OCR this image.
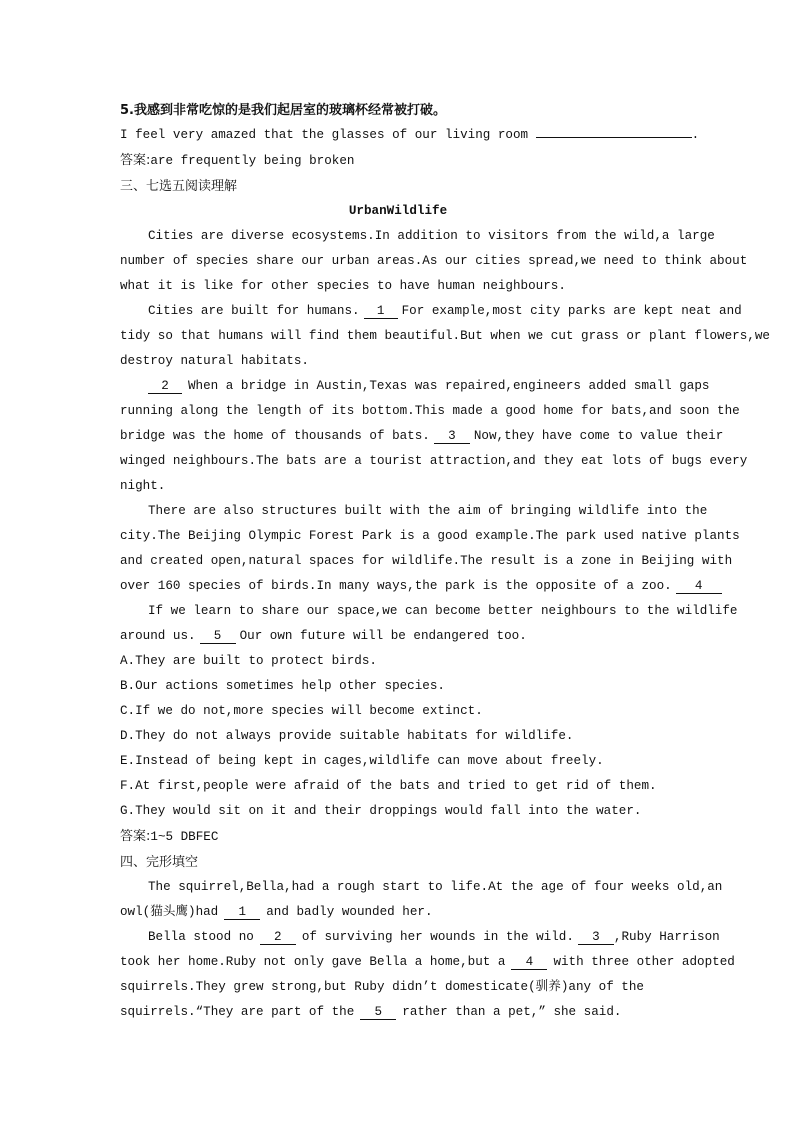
5.我感到非常吃惊的是我们起居室的玻璃杯经常被打破。
I feel very amazed that the glasses of our living room	.
答案:are frequently being broken
三、七选五阅读理解
UrbanWildlife
Cities are diverse ecosystems.In addition to visitors from the wild,a large
number of species share our urban areas.As our cities spread,we need to think about
what it is like for other species to have human neighbours.
Cities are built for humans. 1 For example,most city parks are kept neat and
tidy so that humans will find them beautiful.But when we cut grass or plant flowers,we
destroy natural habitats.
2 When a bridge in Austin,Texas was repaired,engineers added small gaps
running along the length of its bottom.This made a good home for bats,and soon the
bridge was the home of thousands of bats. 3 Now,they have come to value their
winged neighbours.The bats are a tourist attraction,and they eat lots of bugs every
night.
There are also structures built with the aim of bringing wildlife into the
city.The Beijing Olympic Forest Park is a good example.The park used native plants
and created open,natural spaces for wildlife.The result is a zone in Beijing with
over 160 species of birds.In many ways,the park is the opposite of a zoo. 4
If we learn to share our space,we can become better neighbours to the wildlife
around us. 5 Our own future will be endangered too.
A.They are built to protect birds.
B.Our actions sometimes help other species.
C.If we do not,more species will become extinct.
D.They do not always provide suitable habitats for wildlife.
E.Instead of being kept in cages,wildlife can move about freely.
F.At first,people were afraid of the bats and tried to get rid of them.
G.They would sit on it and their droppings would fall into the water.
答案:1~5 DBFEC
四、完形填空
The squirrel,Bella,had a rough start to life.At the age of four weeks old,an
owl(猫头鹰)had 1 and badly wounded her.
Bella stood no 2 of surviving her wounds in the wild. 3 ,Ruby Harrison
took her home.Ruby not only gave Bella a home,but a 4 with three other adopted
squirrels.They grew strong,but Ruby didn’t domesticate(驯养)any of the
squirrels.“They are part of the 5 rather than a pet,” she said.
